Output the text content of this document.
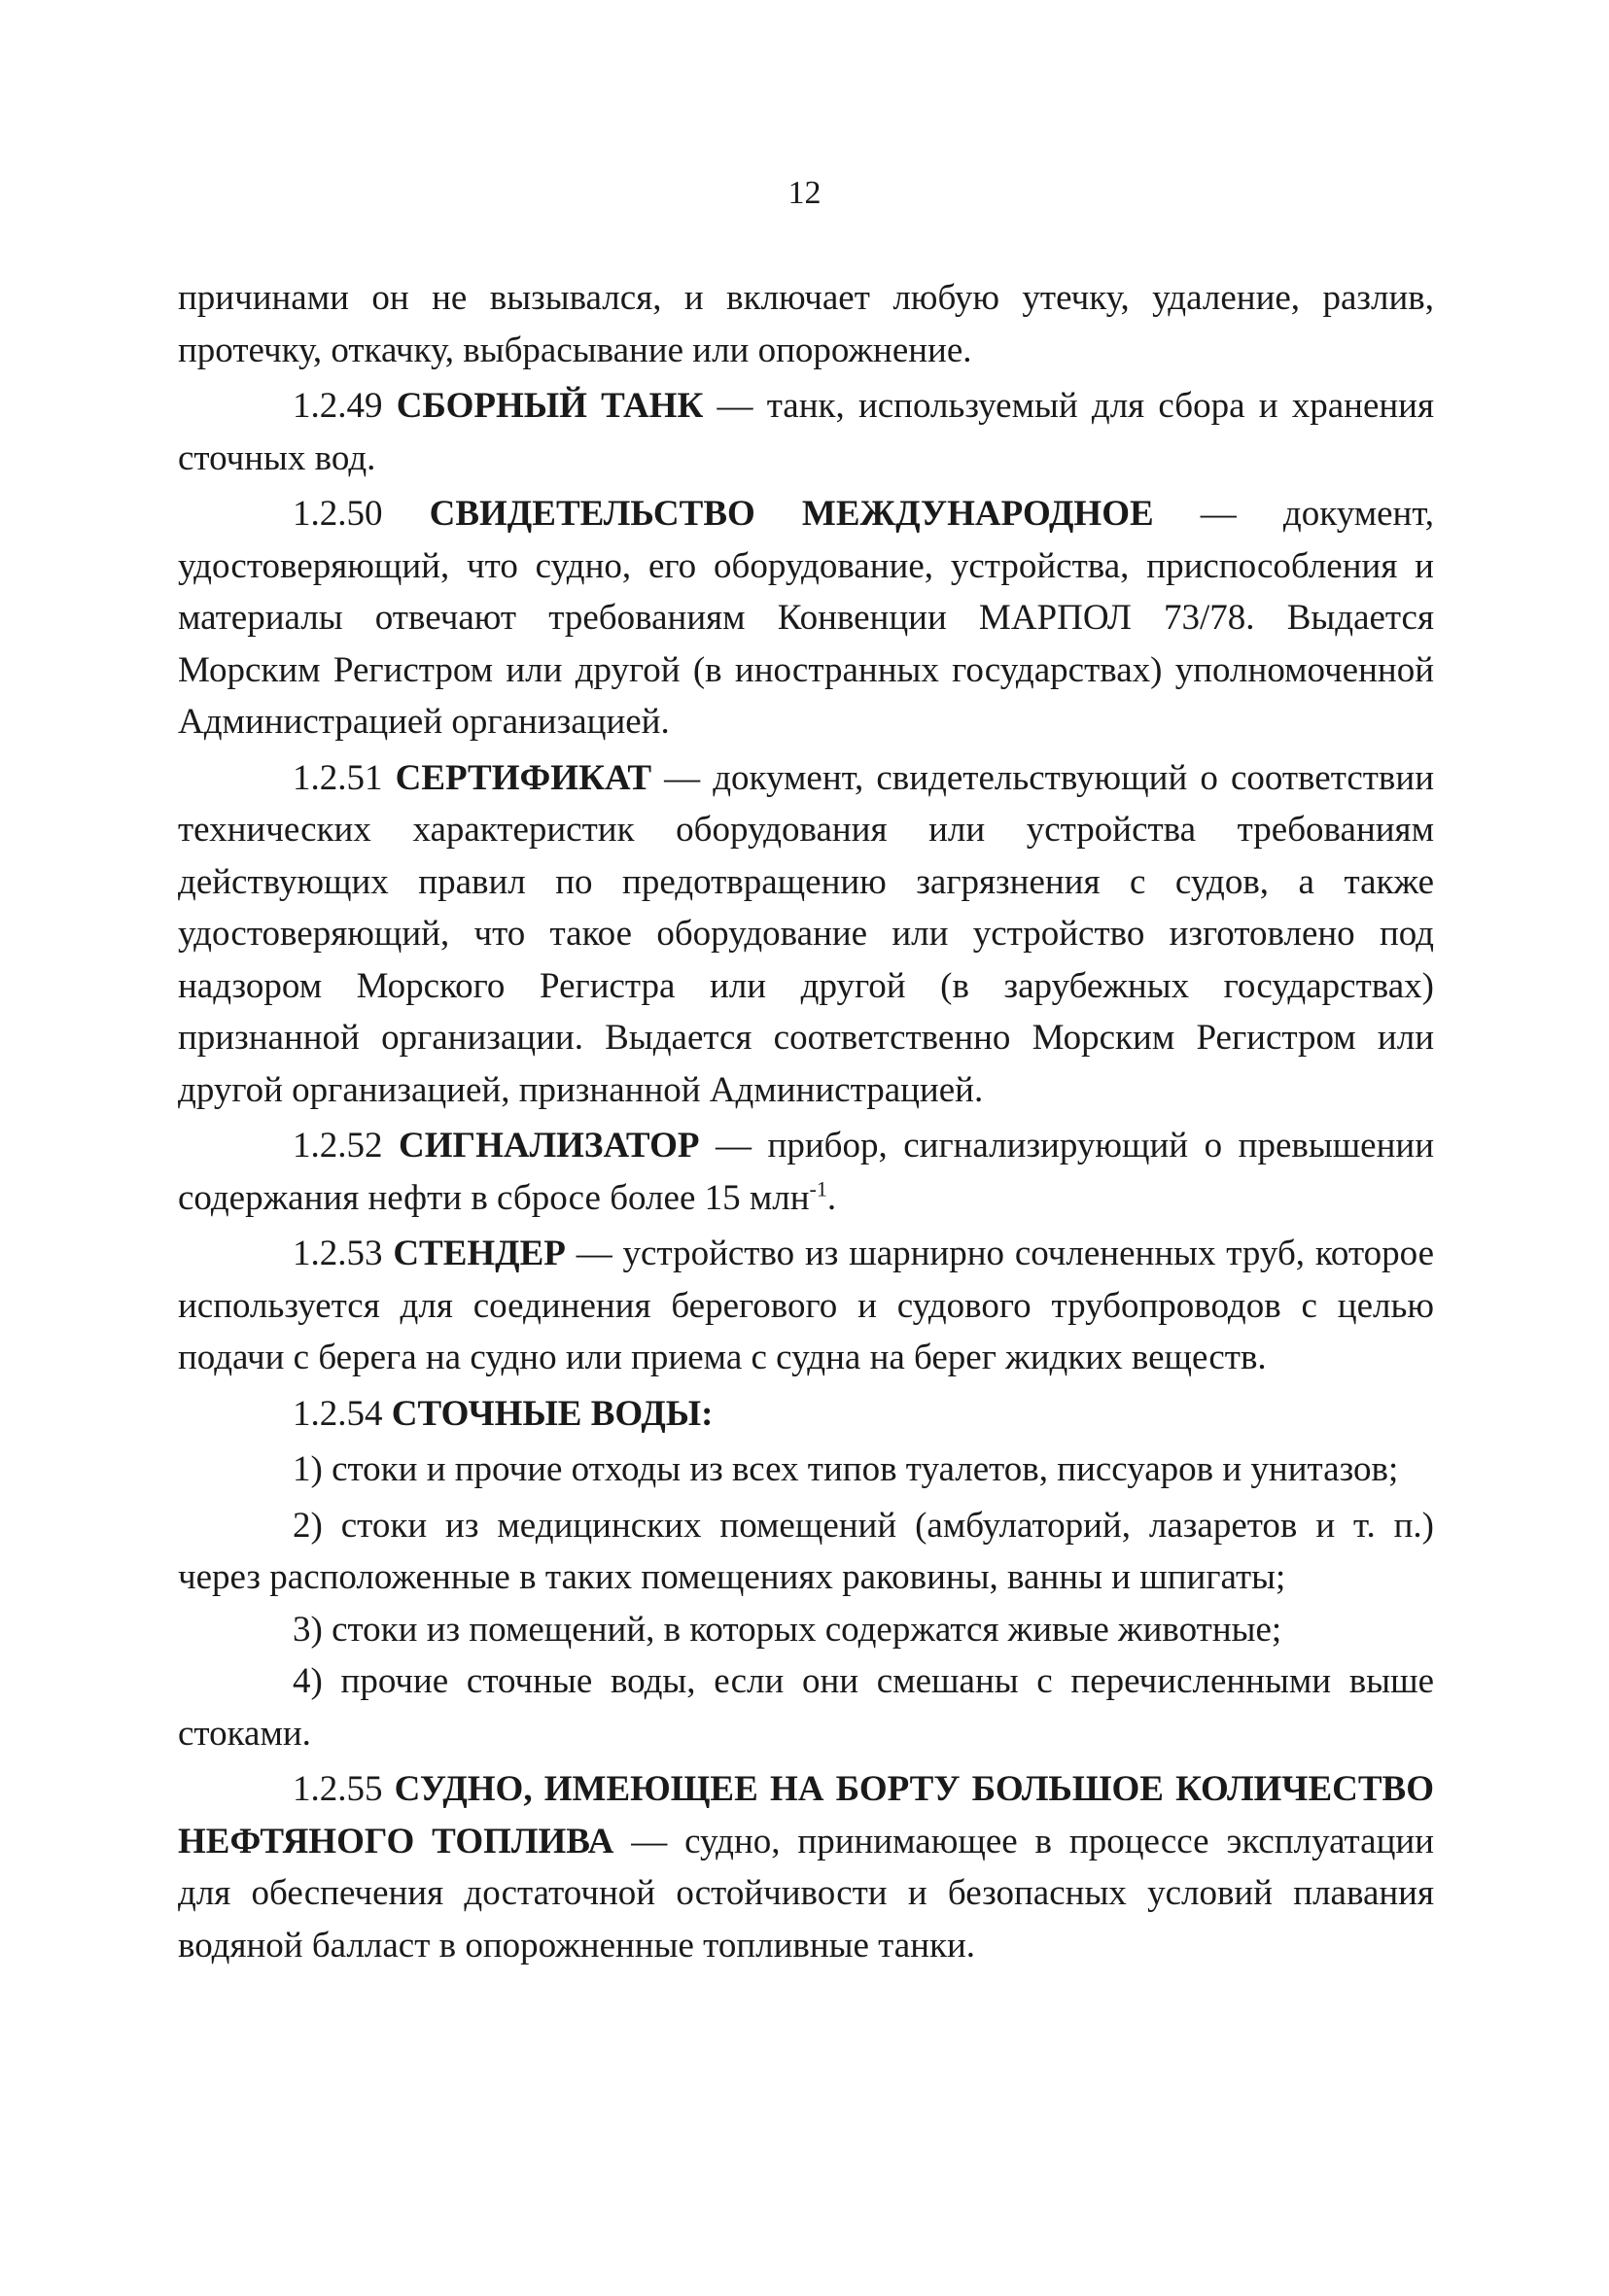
12

причинами он не вызывался, и включает любую утечку, удаление, разлив, протечку, откачку, выбрасывание или опорожнение.

1.2.49 СБОРНЫЙ ТАНК — танк, используемый для сбора и хранения сточных вод.

1.2.50 СВИДЕТЕЛЬСТВО МЕЖДУНАРОДНОЕ — документ, удостоверяющий, что судно, его оборудование, устройства, приспособления и материалы отвечают требованиям Конвенции МАРПОЛ 73/78. Выдается Морским Регистром или другой (в иностранных государствах) уполномоченной Администрацией организацией.

1.2.51 СЕРТИФИКАТ — документ, свидетельствующий о соответствии технических характеристик оборудования или устройства требованиям действующих правил по предотвращению загрязнения с судов, а также удостоверяющий, что такое оборудование или устройство изготовлено под надзором Морского Регистра или другой (в зарубежных государствах) признанной организации. Выдается соответственно Морским Регистром или другой организацией, признанной Администрацией.

1.2.52 СИГНАЛИЗАТОР — прибор, сигнализирующий о превышении содержания нефти в сбросе более 15 млн$^{-1}$.

1.2.53 СТЕНДЕР — устройство из шарнирно сочлененных труб, которое используется для соединения берегового и судового трубопроводов с целью подачи с берега на судно или приема с судна на берег жидких веществ.

1.2.54 СТОЧНЫЕ ВОДЫ:

1) стоки и прочие отходы из всех типов туалетов, писсуаров и унитазов;

2) стоки из медицинских помещений (амбулаторий, лазаретов и т. п.) через расположенные в таких помещениях раковины, ванны и шпигаты;

3) стоки из помещений, в которых содержатся живые животные;

4) прочие сточные воды, если они смешаны с перечисленными выше стоками.

1.2.55 СУДНО, ИМЕЮЩЕЕ НА БОРТУ БОЛЬШОЕ КОЛИЧЕСТВО НЕФТЯНОГО ТОПЛИВА — судно, принимающее в процессе эксплуатации для обеспечения достаточной остойчивости и безопасных условий плавания водяной балласт в опорожненные топливные танки.
